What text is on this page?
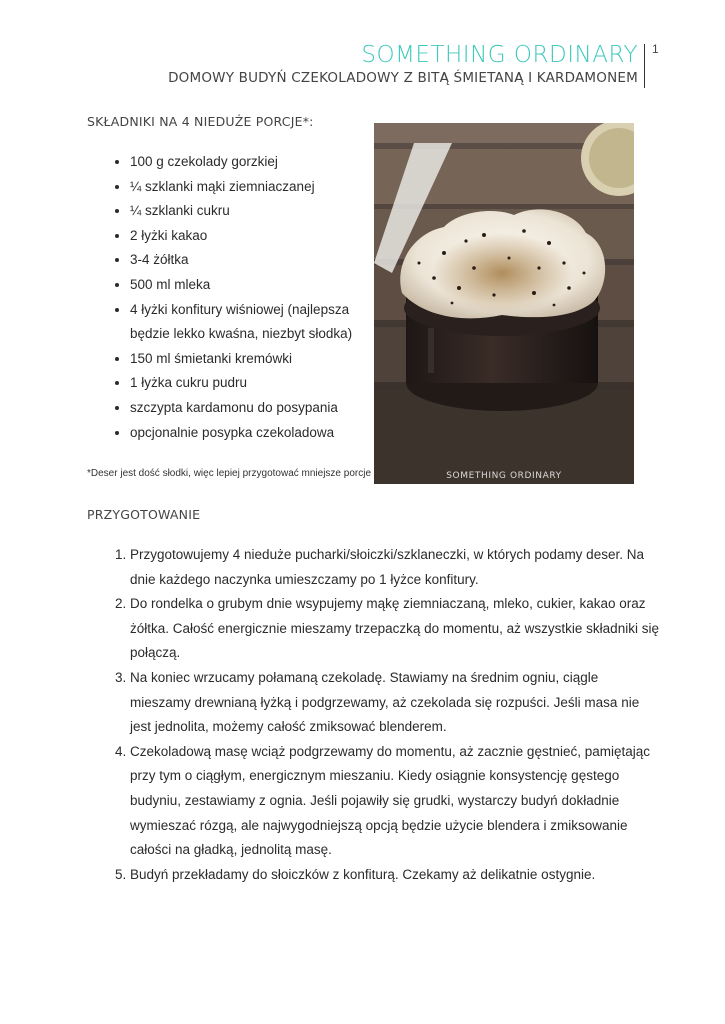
SOMETHING ORDINARY
DOMOWY BUDYŃ CZEKOLADOWY Z BITĄ ŚMIETANĄ I KARDAMONEM
1
SKŁADNIKI NA 4 NIEDUŻE PORCJE*:
• 100 g czekolady gorzkiej
• ¼ szklanki mąki ziemniaczanej
• ¼ szklanki cukru
• 2 łyżki kakao
• 3-4 żółtka
• 500 ml mleka
• 4 łyżki konfitury wiśniowej (najlepsza będzie lekko kwaśna, niezbyt słodka)
• 150 ml śmietanki kremówki
• 1 łyżka cukru pudru
• szczypta kardamonu do posypania
• opcjonalnie posypka czekoladowa
*Deser jest dość słodki, więc lepiej przygotować mniejsze porcje	SOMETHING ORDINARY
PRZYGOTOWANIE
1. Przygotowujemy 4 nieduże pucharki/słoiczki/szklaneczki, w których podamy deser. Na dnie każdego naczynka umieszczamy po 1 łyżce konfitury.
2. Do rondelka o grubym dnie wsypujemy mąkę ziemniaczaną, mleko, cukier, kakao oraz żółtka. Całość energicznie mieszamy trzepaczką do momentu, aż wszystkie składniki się połączą.
3. Na koniec wrzucamy połamaną czekoladę. Stawiamy na średnim ogniu, ciągle mieszamy drewnianą łyżką i podgrzewamy, aż czekolada się rozpuści. Jeśli masa nie jest jednolita, możemy całość zmiksować blenderem.
4. Czekoladową masę wciąż podgrzewamy do momentu, aż zacznie gęstnieć, pamiętając przy tym o ciągłym, energicznym mieszaniu. Kiedy osiągnie konsystencję gęstego budyniu, zestawiamy z ognia. Jeśli pojawiły się grudki, wystarczy budyń dokładnie wymieszać rózgą, ale najwygodniejszą opcją będzie użycie blendera i zmiksowanie całości na gładką, jednolitą masę.
5. Budyń przekładamy do słoiczków z konfiturą. Czekamy aż delikatnie ostygnie.
